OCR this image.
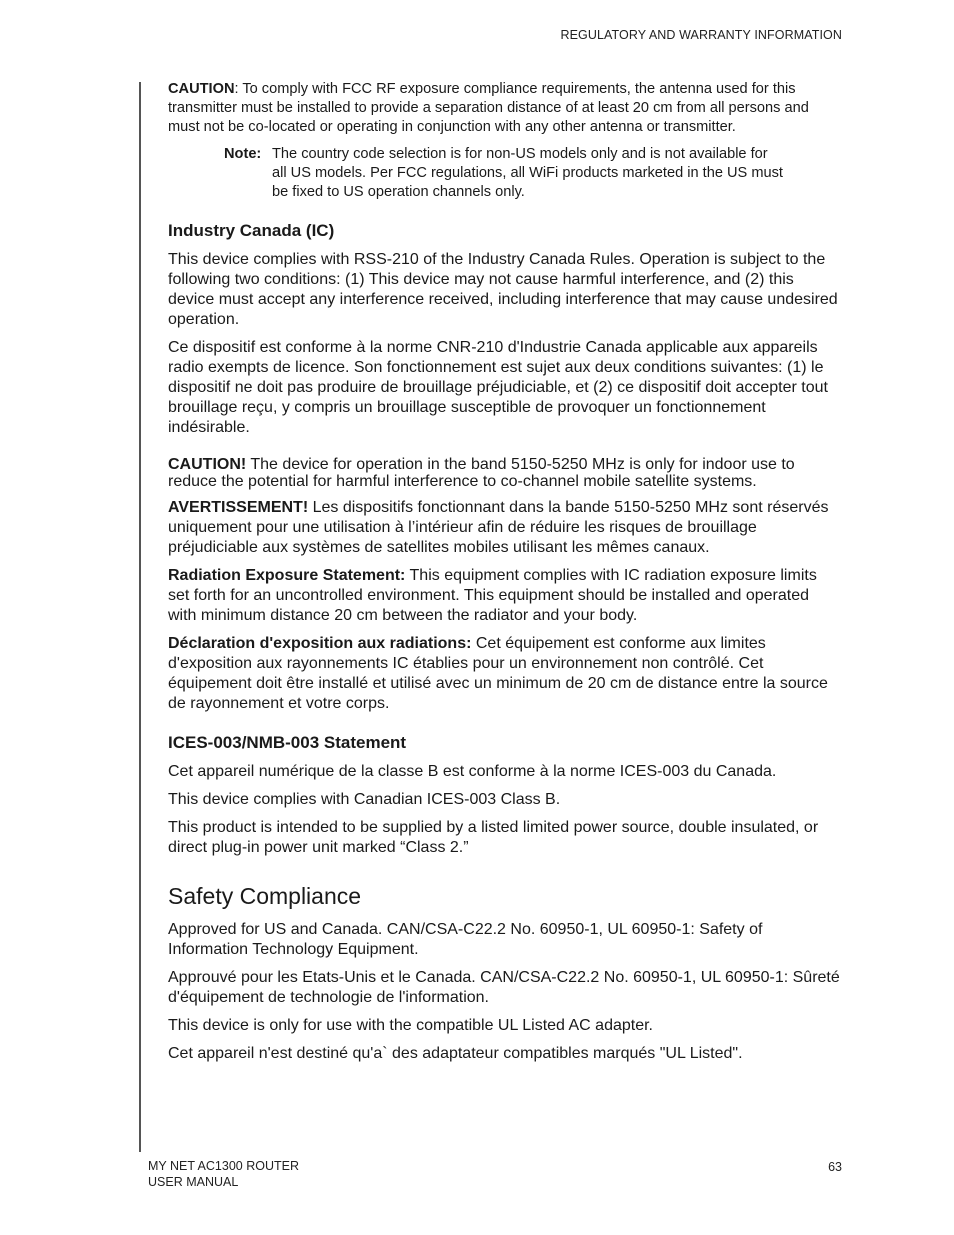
REGULATORY AND WARRANTY INFORMATION

CAUTION: To comply with FCC RF exposure compliance requirements, the antenna used for this transmitter must be installed to provide a separation distance of at least 20 cm from all persons and must not be co-located or operating in conjunction with any other antenna or transmitter.

Note: The country code selection is for non-US models only and is not available for all US models. Per FCC regulations, all WiFi products marketed in the US must be fixed to US operation channels only.
Industry Canada (IC)

This device complies with RSS-210 of the Industry Canada Rules. Operation is subject to the following two conditions: (1) This device may not cause harmful interference, and (2) this device must accept any interference received, including interference that may cause undesired operation.

Ce dispositif est conforme à la norme CNR-210 d'Industrie Canada applicable aux appareils radio exempts de licence. Son fonctionnement est sujet aux deux conditions suivantes: (1) le dispositif ne doit pas produire de brouillage préjudiciable, et (2) ce dispositif doit accepter tout brouillage reçu, y compris un brouillage susceptible de provoquer un fonctionnement indésirable.

CAUTION! The device for operation in the band 5150-5250 MHz is only for indoor use to reduce the potential for harmful interference to co-channel mobile satellite systems.

AVERTISSEMENT! Les dispositifs fonctionnant dans la bande 5150-5250 MHz sont réservés uniquement pour une utilisation à l’intérieur afin de réduire les risques de brouillage préjudiciable aux systèmes de satellites mobiles utilisant les mêmes canaux.

Radiation Exposure Statement: This equipment complies with IC radiation exposure limits set forth for an uncontrolled environment. This equipment should be installed and operated with minimum distance 20 cm between the radiator and your body.

Déclaration d'exposition aux radiations: Cet équipement est conforme aux limites d'exposition aux rayonnements IC établies pour un environnement non contrôlé. Cet équipement doit être installé et utilisé avec un minimum de 20 cm de distance entre la source de rayonnement et votre corps.

ICES-003/NMB-003 Statement

Cet appareil numérique de la classe B est conforme à la norme ICES-003 du Canada.

This device complies with Canadian ICES-003 Class B.

This product is intended to be supplied by a listed limited power source, double insulated, or direct plug-in power unit marked “Class 2.”

Safety Compliance

Approved for US and Canada. CAN/CSA-C22.2 No. 60950-1, UL 60950-1: Safety of Information Technology Equipment.

Approuvé pour les Etats-Unis et le Canada. CAN/CSA-C22.2 No. 60950-1, UL 60950-1: Sûreté d'équipement de technologie de l'information.

This device is only for use with the compatible UL Listed AC adapter.

Cet appareil n'est destiné qu'a` des adaptateur compatibles marqués "UL Listed".

MY NET AC1300 ROUTER
USER MANUAL
63
